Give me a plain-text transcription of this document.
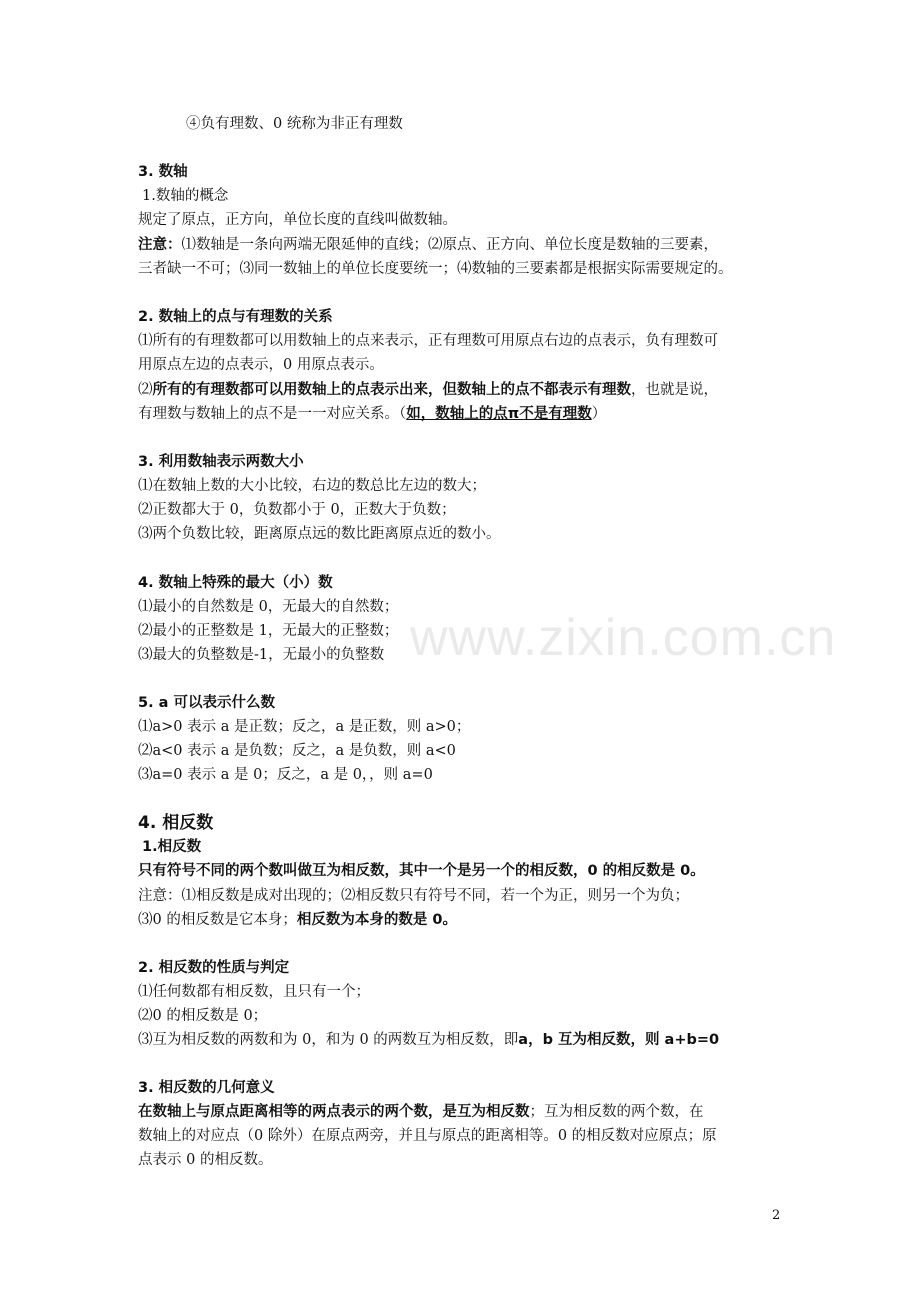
www.zixin.com.cn
④负有理数、0 统称为非正有理数
3. 数轴
1.数轴的概念
规定了原点，正方向，单位长度的直线叫做数轴。
注意：⑴数轴是一条向两端无限延伸的直线；⑵原点、正方向、单位长度是数轴的三要素，
三者缺一不可；⑶同一数轴上的单位长度要统一；⑷数轴的三要素都是根据实际需要规定的。
2. 数轴上的点与有理数的关系
⑴所有的有理数都可以用数轴上的点来表示，正有理数可用原点右边的点表示，负有理数可
用原点左边的点表示，0 用原点表示。
⑵所有的有理数都可以用数轴上的点表示出来，但数轴上的点不都表示有理数，也就是说，
有理数与数轴上的点不是一一对应关系。（如，数轴上的点π不是有理数）
3. 利用数轴表示两数大小
⑴在数轴上数的大小比较，右边的数总比左边的数大；
⑵正数都大于 0，负数都小于 0，正数大于负数；
⑶两个负数比较，距离原点远的数比距离原点近的数小。
4. 数轴上特殊的最大（小）数
⑴最小的自然数是 0，无最大的自然数；
⑵最小的正整数是 1，无最大的正整数；
⑶最大的负整数是-1，无最小的负整数
5. a 可以表示什么数
⑴a>0 表示 a 是正数；反之，a 是正数，则 a>0；
⑵a<0 表示 a 是负数；反之，a 是负数，则 a<0
⑶a=0 表示 a 是 0；反之，a 是 0，，则 a=0
4. 相反数
1.相反数
只有符号不同的两个数叫做互为相反数，其中一个是另一个的相反数，0 的相反数是 0。
注意：⑴相反数是成对出现的；⑵相反数只有符号不同，若一个为正，则另一个为负；
⑶0 的相反数是它本身；相反数为本身的数是 0。
2. 相反数的性质与判定
⑴任何数都有相反数，且只有一个；
⑵0 的相反数是 0；
⑶互为相反数的两数和为 0，和为 0 的两数互为相反数，即a，b 互为相反数，则 a+b=0
3. 相反数的几何意义
在数轴上与原点距离相等的两点表示的两个数，是互为相反数；互为相反数的两个数，在
数轴上的对应点（0 除外）在原点两旁，并且与原点的距离相等。0 的相反数对应原点；原
点表示 0 的相反数。
2
